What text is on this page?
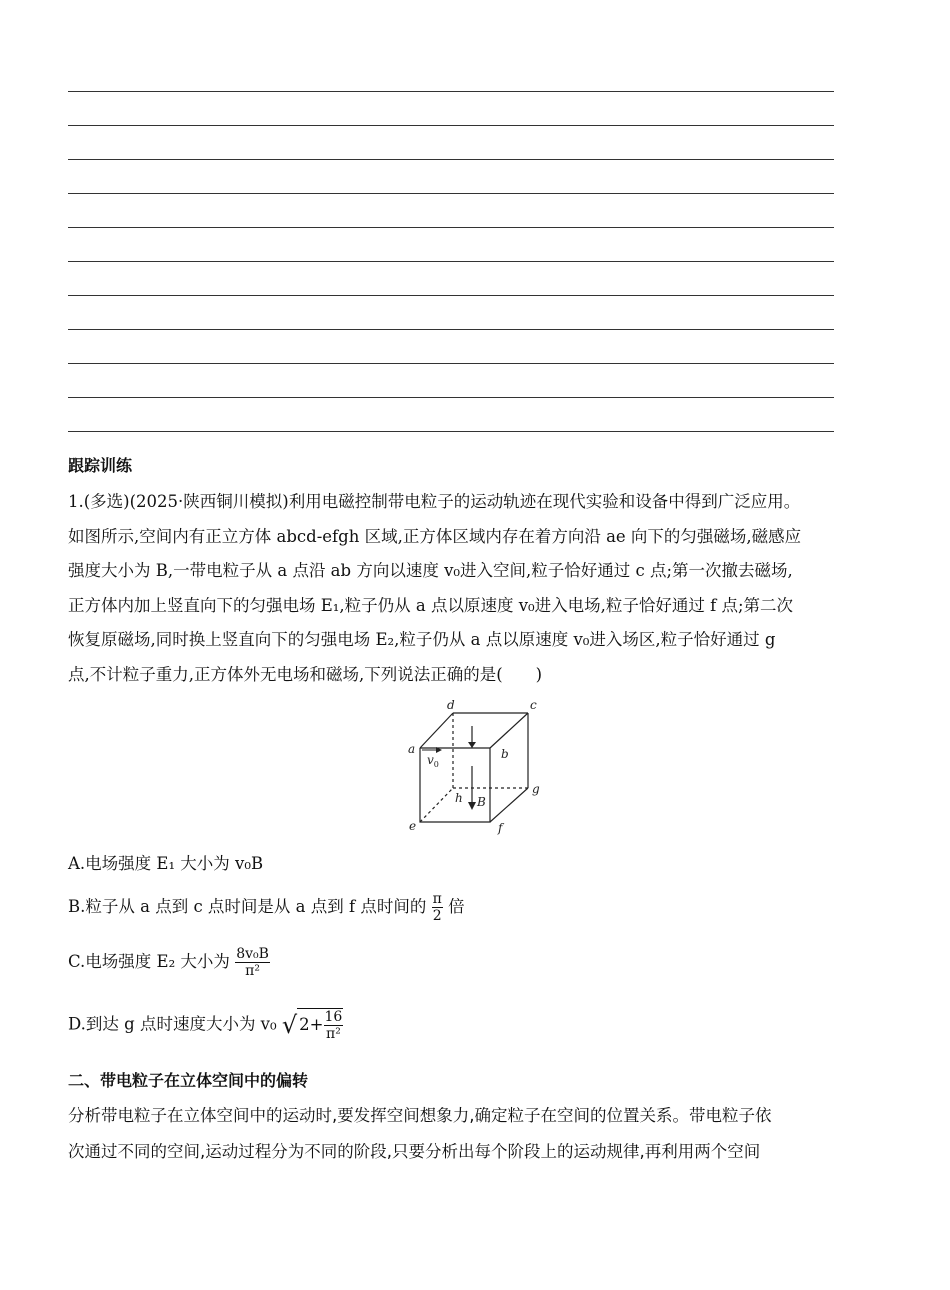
跟踪训练

1.(多选)(2025·陕西铜川模拟)利用电磁控制带电粒子的运动轨迹在现代实验和设备中得到广泛应用。

如图所示,空间内有正立方体 abcd-efgh 区域,正方体区域内存在着方向沿 ae 向下的匀强磁场,磁感应

强度大小为 B,一带电粒子从 a 点沿 ab 方向以速度 v₀进入空间,粒子恰好通过 c 点;第一次撤去磁场,

正方体内加上竖直向下的匀强电场 E₁,粒子仍从 a 点以原速度 v₀进入电场,粒子恰好通过 f 点;第二次

恢复原磁场,同时换上竖直向下的匀强电场 E₂,粒子仍从 a 点以原速度 v₀进入场区,粒子恰好通过 g

点,不计粒子重力,正方体外无电场和磁场,下列说法正确的是(　　)

a	b
c
d
e	f
g
h
$v_0$
B
A.电场强度 E₁ 大小为 v₀B
B.粒子从 a 点到 c 点时间是从 a 点到 f 点时间的 $\frac{\pi}{2}$ 倍
C.电场强度 E₂ 大小为 $\frac{\text{8v₀B}}{\text{π²}}$
D.到达 g 点时速度大小为 v₀ √ $2+ \frac{16}{\text{π²}}$
二、带电粒子在立体空间中的偏转

分析带电粒子在立体空间中的运动时,要发挥空间想象力,确定粒子在空间的位置关系。带电粒子依

次通过不同的空间,运动过程分为不同的阶段,只要分析出每个阶段上的运动规律,再利用两个空间
